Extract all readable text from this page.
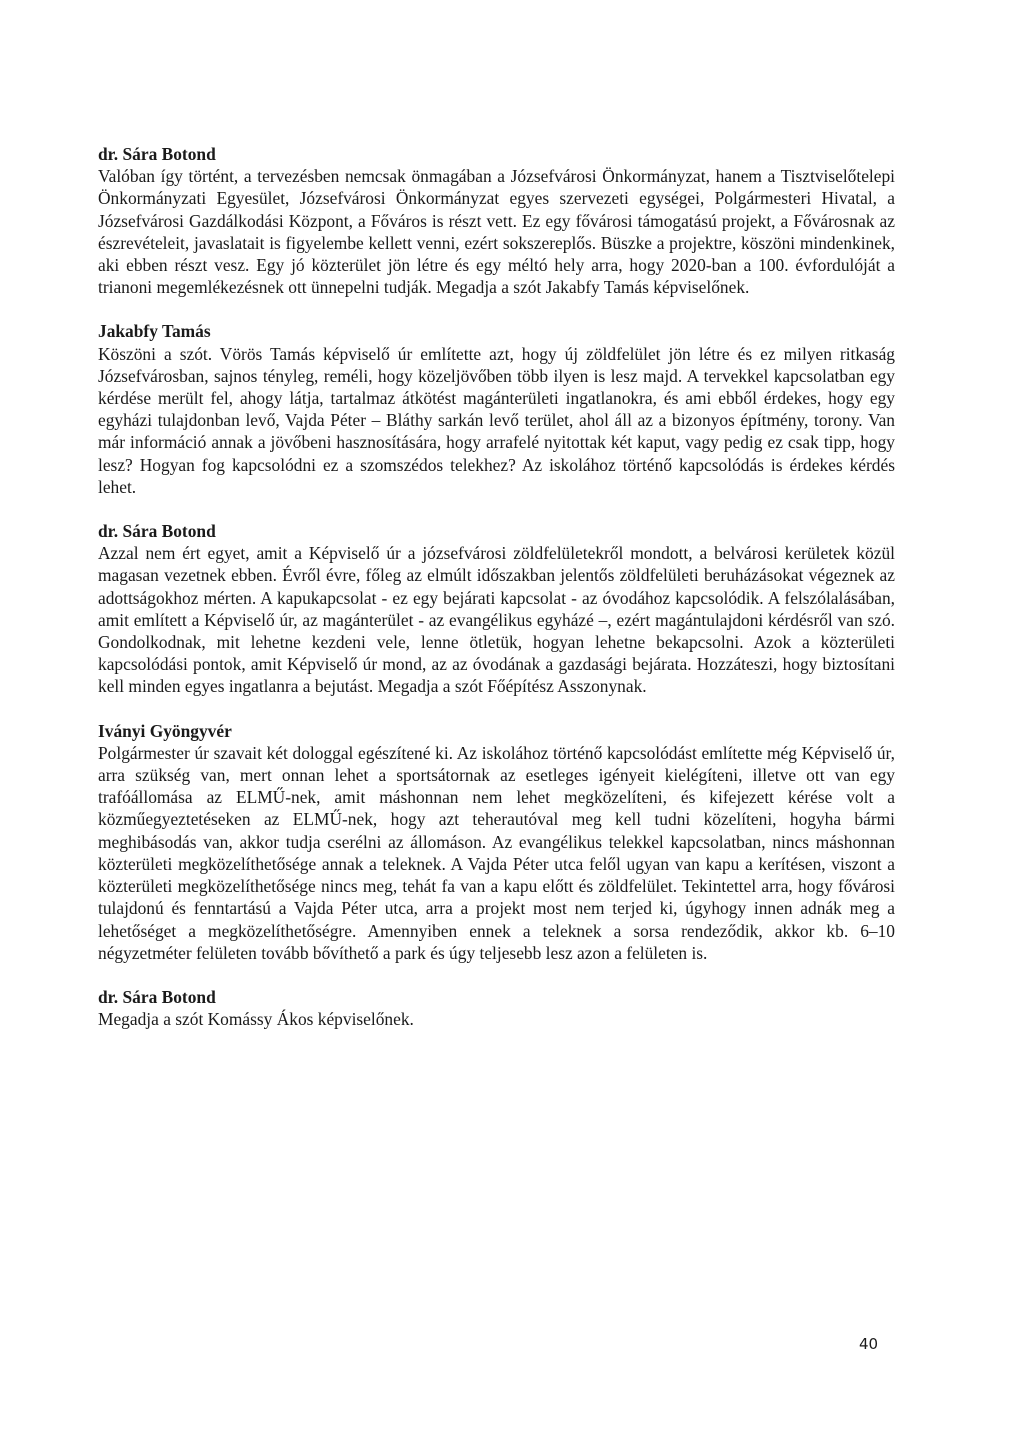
dr. Sára Botond

Valóban így történt, a tervezésben nemcsak önmagában a Józsefvárosi Önkormányzat, hanem a Tisztviselőtelepi Önkormányzati Egyesület, Józsefvárosi Önkormányzat egyes szervezeti egységei, Polgármesteri Hivatal, a Józsefvárosi Gazdálkodási Központ, a Főváros is részt vett. Ez egy fővárosi támogatású projekt, a Fővárosnak az észrevételeit, javaslatait is figyelembe kellett venni, ezért sokszereplős. Büszke a projektre, köszöni mindenkinek, aki ebben részt vesz. Egy jó közterület jön létre és egy méltó hely arra, hogy 2020-ban a 100. évfordulóját a trianoni megemlékezésnek ott ünnepelni tudják. Megadja a szót Jakabfy Tamás képviselőnek.

Jakabfy Tamás

Köszöni a szót. Vörös Tamás képviselő úr említette azt, hogy új zöldfelület jön létre és ez milyen ritkaság Józsefvárosban, sajnos tényleg, reméli, hogy közeljövőben több ilyen is lesz majd. A tervekkel kapcsolatban egy kérdése merült fel, ahogy látja, tartalmaz átkötést magánterületi ingatlanokra, és ami ebből érdekes, hogy egy egyházi tulajdonban levő, Vajda Péter – Bláthy sarkán levő terület, ahol áll az a bizonyos építmény, torony. Van már információ annak a jövőbeni hasznosítására, hogy arrafelé nyitottak két kaput, vagy pedig ez csak tipp, hogy lesz? Hogyan fog kapcsolódni ez a szomszédos telekhez? Az iskolához történő kapcsolódás is érdekes kérdés lehet.

dr. Sára Botond

Azzal nem ért egyet, amit a Képviselő úr a józsefvárosi zöldfelületekről mondott, a belvárosi kerületek közül magasan vezetnek ebben. Évről évre, főleg az elmúlt időszakban jelentős zöldfelületi beruházásokat végeznek az adottságokhoz mérten. A kapukapcsolat - ez egy bejárati kapcsolat - az óvodához kapcsolódik. A felszólalásában, amit említett a Képviselő úr, az magánterület - az evangélikus egyházé –, ezért magántulajdoni kérdésről van szó. Gondolkodnak, mit lehetne kezdeni vele, lenne ötletük, hogyan lehetne bekapcsolni. Azok a közterületi kapcsolódási pontok, amit Képviselő úr mond, az az óvodának a gazdasági bejárata. Hozzáteszi, hogy biztosítani kell minden egyes ingatlanra a bejutást. Megadja a szót Főépítész Asszonynak.

Iványi Gyöngyvér

Polgármester úr szavait két dologgal egészítené ki. Az iskolához történő kapcsolódást említette még Képviselő úr, arra szükség van, mert onnan lehet a sportsátornak az esetleges igényeit kielégíteni, illetve ott van egy trafóállomása az ELMŰ-nek, amit máshonnan nem lehet megközelíteni, és kifejezett kérése volt a közműegyeztetéseken az ELMŰ-nek, hogy azt teherautóval meg kell tudni közelíteni, hogyha bármi meghibásodás van, akkor tudja cserélni az állomáson. Az evangélikus telekkel kapcsolatban, nincs máshonnan közterületi megközelíthetősége annak a teleknek. A Vajda Péter utca felől ugyan van kapu a kerítésen, viszont a közterületi megközelíthetősége nincs meg, tehát fa van a kapu előtt és zöldfelület. Tekintettel arra, hogy fővárosi tulajdonú és fenntartású a Vajda Péter utca, arra a projekt most nem terjed ki, úgyhogy innen adnák meg a lehetőséget a megközelíthetőségre. Amennyiben ennek a teleknek a sorsa rendeződik, akkor kb. 6–10 négyzetméter felületen tovább bővíthető a park és úgy teljesebb lesz azon a felületen is.

dr. Sára Botond

Megadja a szót Komássy Ákos képviselőnek.

40
